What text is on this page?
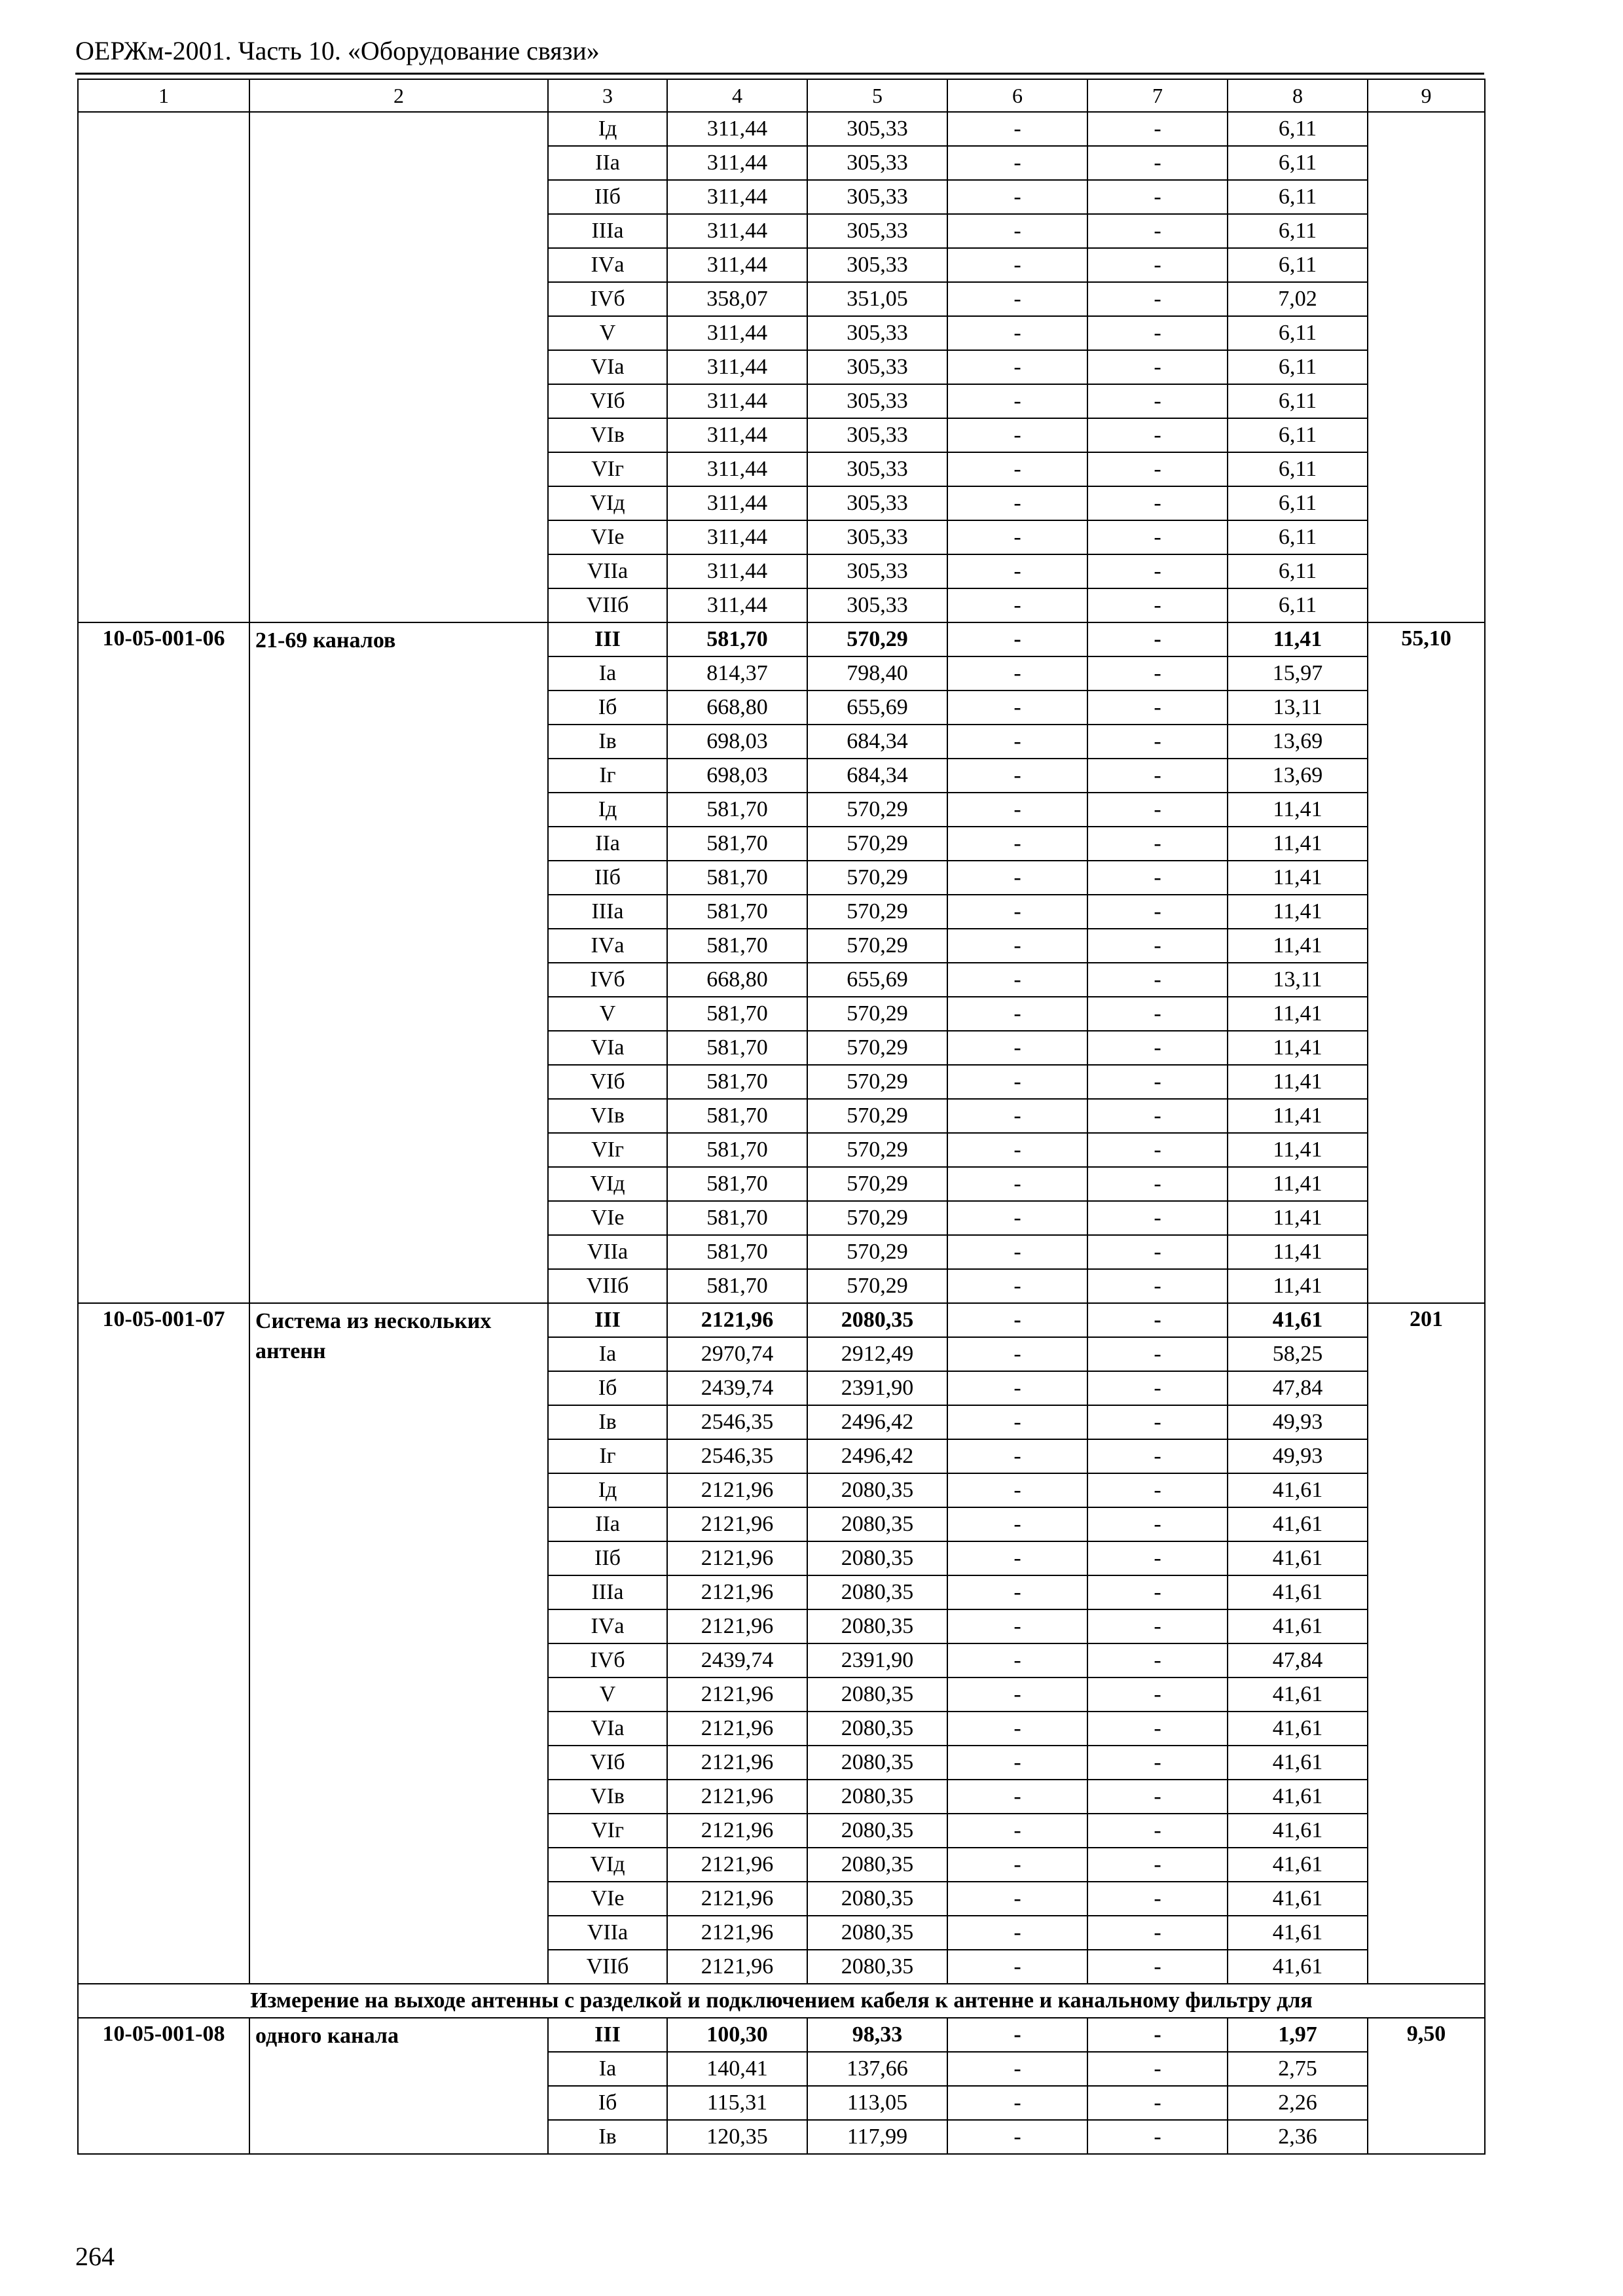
ОЕРЖм-2001. Часть 10. «Оборудование связи»
1	2	3	4	5	6	7	8	9
		Iд	311,44	305,33	-	-	6,11	
		IIа	311,44	305,33	-	-	6,11	
		IIб	311,44	305,33	-	-	6,11	
		IIIа	311,44	305,33	-	-	6,11	
		IVа	311,44	305,33	-	-	6,11	
		IVб	358,07	351,05	-	-	7,02	
		V	311,44	305,33	-	-	6,11	
		VIа	311,44	305,33	-	-	6,11	
		VIб	311,44	305,33	-	-	6,11	
		VIв	311,44	305,33	-	-	6,11	
		VIг	311,44	305,33	-	-	6,11	
		VIд	311,44	305,33	-	-	6,11	
		VIе	311,44	305,33	-	-	6,11	
		VIIа	311,44	305,33	-	-	6,11	
		VIIб	311,44	305,33	-	-	6,11	
10-05-001-06	21-69 каналов	III	581,70	570,29	-	-	11,41	55,10
		Iа	814,37	798,40	-	-	15,97	
		Iб	668,80	655,69	-	-	13,11	
		Iв	698,03	684,34	-	-	13,69	
		Iг	698,03	684,34	-	-	13,69	
		Iд	581,70	570,29	-	-	11,41	
		IIа	581,70	570,29	-	-	11,41	
		IIб	581,70	570,29	-	-	11,41	
		IIIа	581,70	570,29	-	-	11,41	
		IVа	581,70	570,29	-	-	11,41	
		IVб	668,80	655,69	-	-	13,11	
		V	581,70	570,29	-	-	11,41	
		VIа	581,70	570,29	-	-	11,41	
		VIб	581,70	570,29	-	-	11,41	
		VIв	581,70	570,29	-	-	11,41	
		VIг	581,70	570,29	-	-	11,41	
		VIд	581,70	570,29	-	-	11,41	
		VIе	581,70	570,29	-	-	11,41	
		VIIа	581,70	570,29	-	-	11,41	
		VIIб	581,70	570,29	-	-	11,41	
10-05-001-07	Система из нескольких антенн	III	2121,96	2080,35	-	-	41,61	201
		Iа	2970,74	2912,49	-	-	58,25	
		Iб	2439,74	2391,90	-	-	47,84	
		Iв	2546,35	2496,42	-	-	49,93	
		Iг	2546,35	2496,42	-	-	49,93	
		Iд	2121,96	2080,35	-	-	41,61	
		IIа	2121,96	2080,35	-	-	41,61	
		IIб	2121,96	2080,35	-	-	41,61	
		IIIа	2121,96	2080,35	-	-	41,61	
		IVа	2121,96	2080,35	-	-	41,61	
		IVб	2439,74	2391,90	-	-	47,84	
		V	2121,96	2080,35	-	-	41,61	
		VIа	2121,96	2080,35	-	-	41,61	
		VIб	2121,96	2080,35	-	-	41,61	
		VIв	2121,96	2080,35	-	-	41,61	
		VIг	2121,96	2080,35	-	-	41,61	
		VIд	2121,96	2080,35	-	-	41,61	
		VIе	2121,96	2080,35	-	-	41,61	
		VIIа	2121,96	2080,35	-	-	41,61	
		VIIб	2121,96	2080,35	-	-	41,61	
Измерение на выходе антенны с разделкой и подключением кабеля к антенне и канальному фильтру для								
10-05-001-08	одного канала	III	100,30	98,33	-	-	1,97	9,50
		Iа	140,41	137,66	-	-	2,75	
		Iб	115,31	113,05	-	-	2,26	
		Iв	120,35	117,99	-	-	2,36	
264
